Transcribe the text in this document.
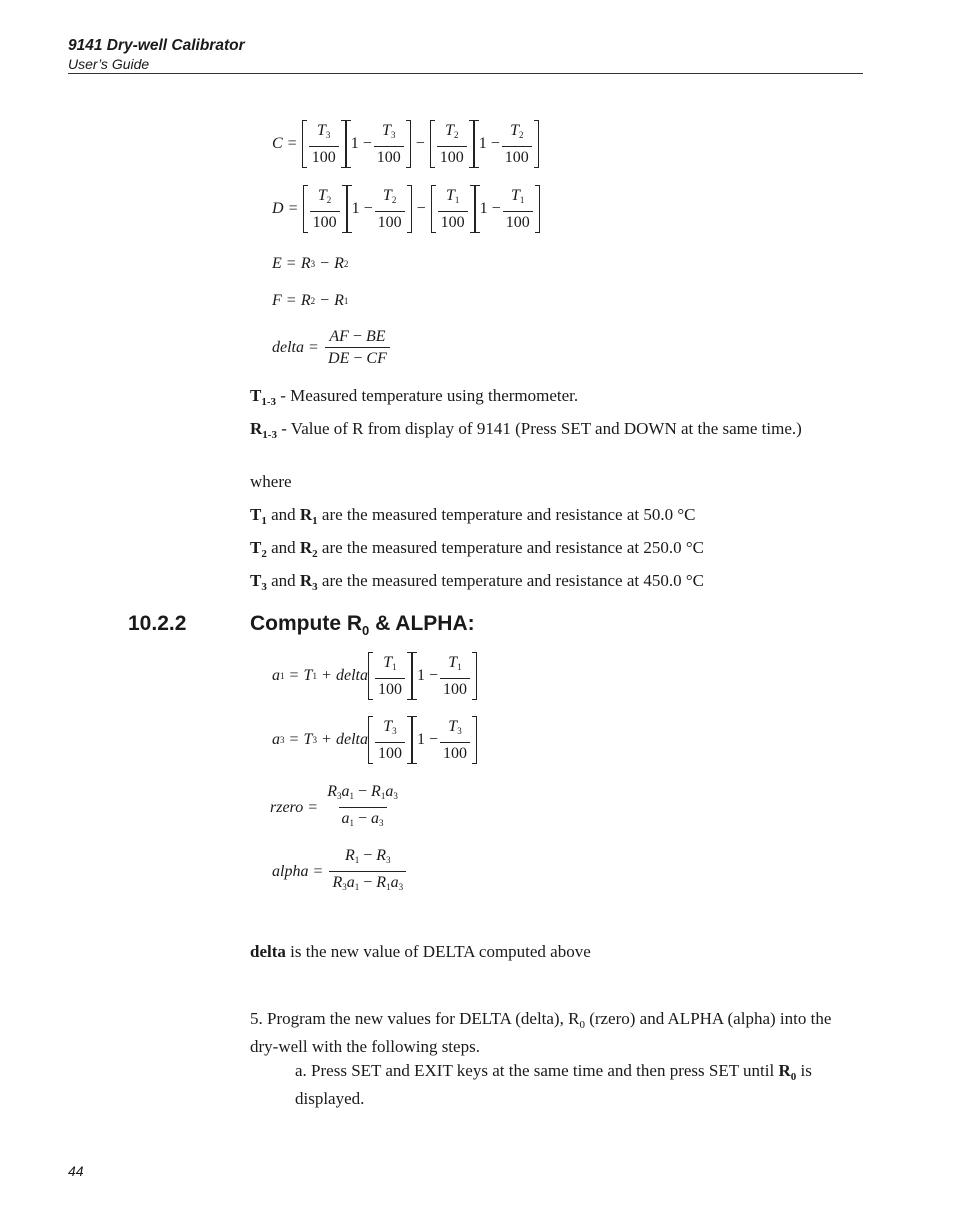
9141 Dry-well Calibrator
User’s Guide
$C = \frac{T_3}{100} 1 - \frac{T_3}{100} - \frac{T_2}{100} 1 - \frac{T_2}{100}$
$D = \frac{T_2}{100} 1 - \frac{T_2}{100} - \frac{T_1}{100} 1 - \frac{T_1}{100}$
E = R 3 − R 2
F = R 2 − R 1
delta = $\frac{AF - BE}{DE - CF}$
$T_{1-3}$ - Measured temperature using thermometer.
$R_{1-3}$ - Value of R from display of 9141 (Press SET and DOWN at the same time.)
where
$T_1$ and $R_1$ are the measured temperature and resistance at 50.0 °C
$T_2$ and $R_2$ are the measured temperature and resistance at 250.0 °C
$T_3$ and $R_3$ are the measured temperature and resistance at 450.0 °C
10.2.2	Compute $R_0$ & ALPHA:
a 1 = T 1 + delta $\frac{T_1}{100} 1 - \frac{T_1}{100}$
a 3 = T 3 + delta $\frac{T_3}{100} 1 - \frac{T_3}{100}$
rzero = $\frac{R_3a_1 - R_1a_3}{a_1 - a_3}$
alpha = $\frac{R_1 - R_3}{R_3a_1 - R_1a_3}$
delta is the new value of DELTA computed above
5. Program the new values for DELTA (delta), $R_0$ (rzero) and ALPHA (alpha) into the dry-well with the following steps.
a. Press SET and EXIT keys at the same time and then press SET until $R_0$ is displayed.
44
